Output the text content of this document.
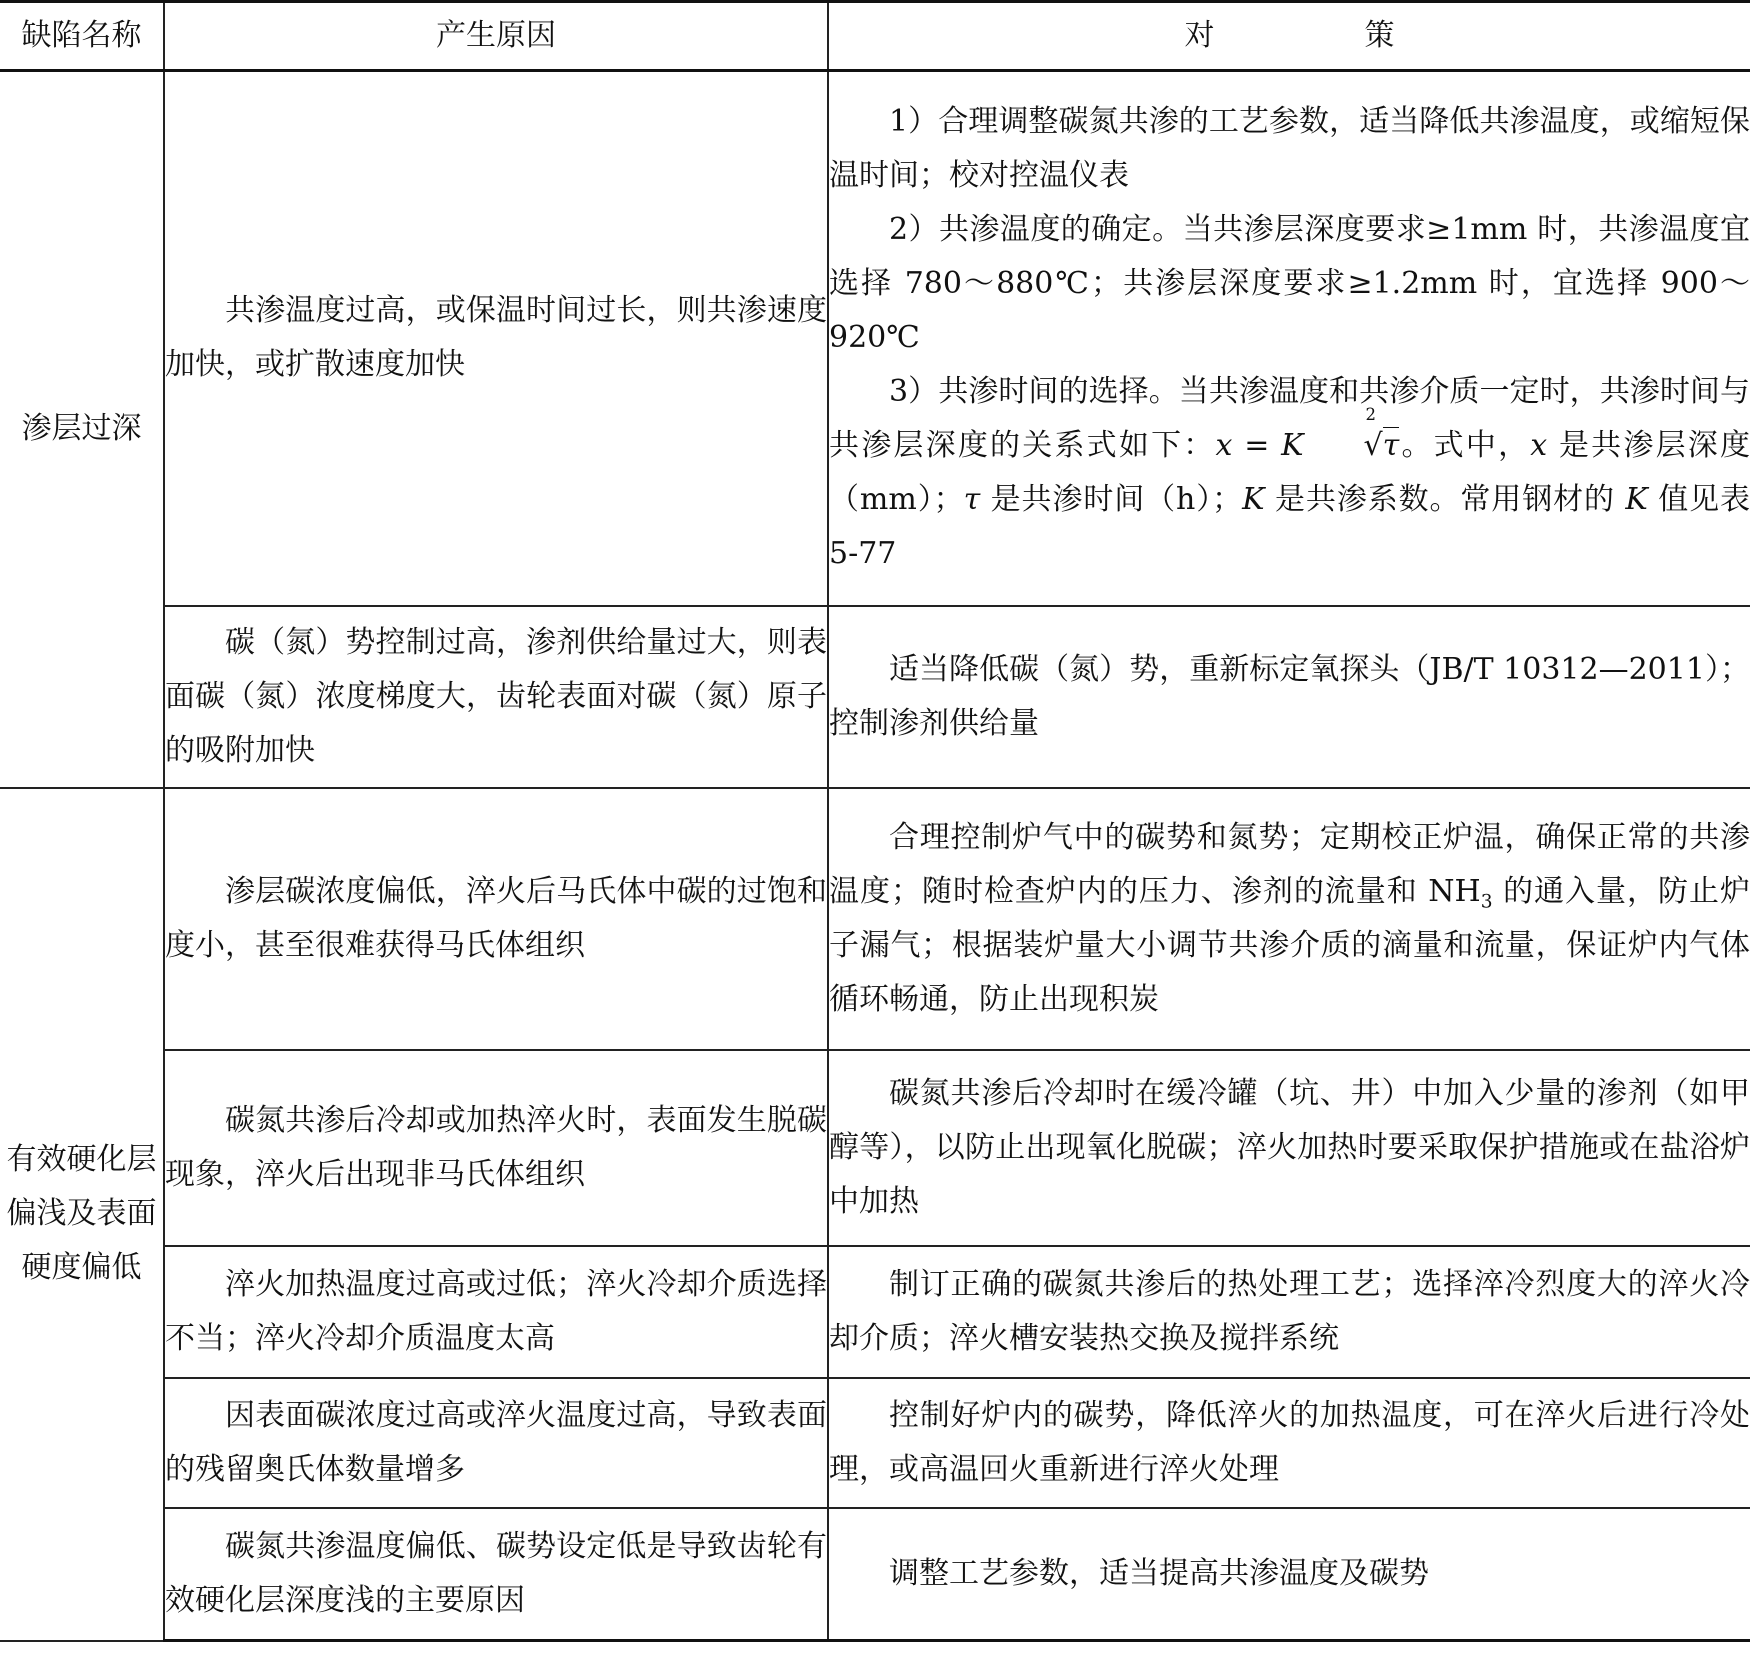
缺陷名称	产生原因	对 策
渗层过深	共渗温度过高，或保温时间过长，则共渗速度加快，或扩散速度加快	1）合理调整碳氮共渗的工艺参数，适当降低共渗温度，或缩短保温时间；校对控温仪表

2）共渗温度的确定。当共渗层深度要求≥1mm 时，共渗温度宜选择 780～880℃；共渗层深度要求≥1.2mm 时，宜选择 900～920℃

3）共渗时间的选择。当共渗温度和共渗介质一定时，共渗时间与共渗层深度的关系式如下：x = K
2
√τ。式中，x 是共渗层深度（mm）；τ 是共渗时间（h）；K 是共渗系数。常用钢材的 K 值见表 5-77

	碳（氮）势控制过高，渗剂供给量过大，则表面碳（氮）浓度梯度大，齿轮表面对碳（氮）原子的吸附加快	适当降低碳（氮）势，重新标定氧探头（JB/T 10312—2011）；控制渗剂供给量

有效硬化层偏浅及表面硬度偏低	渗层碳浓度偏低，淬火后马氏体中碳的过饱和度小，甚至很难获得马氏体组织	合理控制炉气中的碳势和氮势；定期校正炉温，确保正常的共渗温度；随时检查炉内的压力、渗剂的流量和 $NH_3$ 的通入量，防止炉子漏气；根据装炉量大小调节共渗介质的滴量和流量，保证炉内气体循环畅通，防止出现积炭

	碳氮共渗后冷却或加热淬火时，表面发生脱碳现象，淬火后出现非马氏体组织	碳氮共渗后冷却时在缓冷罐（坑、井）中加入少量的渗剂（如甲醇等），以防止出现氧化脱碳；淬火加热时要采取保护措施或在盐浴炉中加热

	淬火加热温度过高或过低；淬火冷却介质选择不当；淬火冷却介质温度太高	制订正确的碳氮共渗后的热处理工艺；选择淬冷烈度大的淬火冷却介质；淬火槽安装热交换及搅拌系统

	因表面碳浓度过高或淬火温度过高，导致表面的残留奥氏体数量增多	控制好炉内的碳势，降低淬火的加热温度，可在淬火后进行冷处理，或高温回火重新进行淬火处理

	碳氮共渗温度偏低、碳势设定低是导致齿轮有效硬化层深度浅的主要原因	调整工艺参数，适当提高共渗温度及碳势
